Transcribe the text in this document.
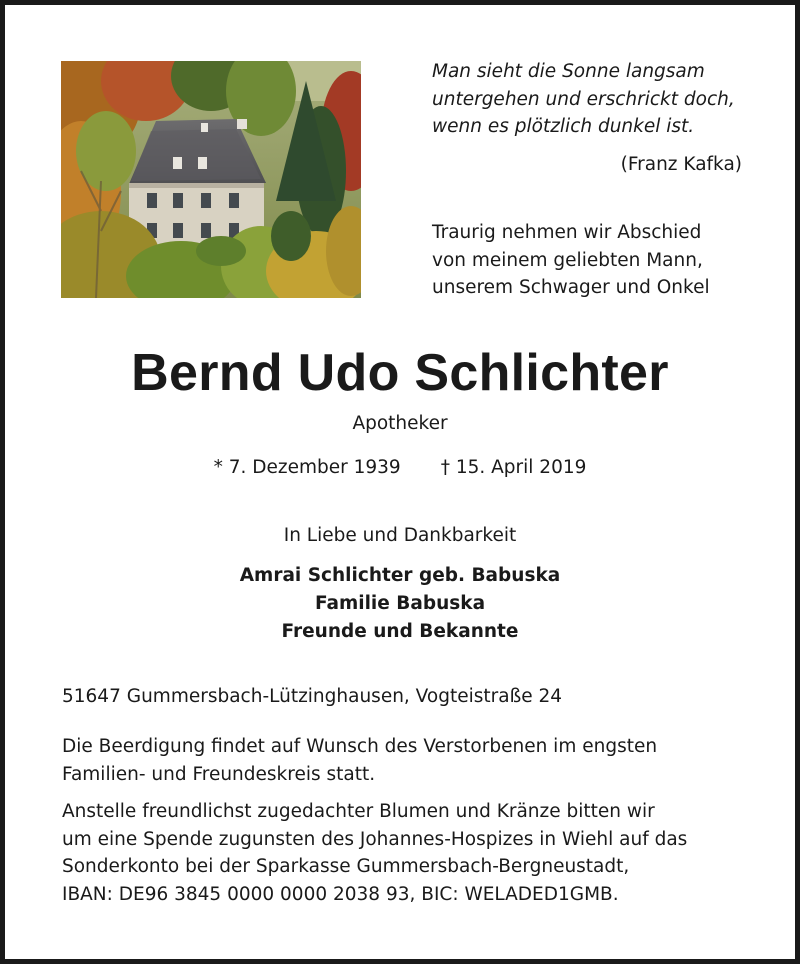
Man sieht die Sonne langsam

untergehen und erschrickt doch,

wenn es plötzlich dunkel ist.

(Franz Kafka)

Traurig nehmen wir Abschied

von meinem geliebten Mann,

unserem Schwager und Onkel

Bernd Udo Schlichter
Apotheker
* 7. Dezember 1939 † 15. April 2019
In Liebe und Dankbarkeit

Amrai Schlichter geb. Babuska

Familie Babuska

Freunde und Bekannte

51647 Gummersbach-Lützinghausen, Vogteistraße 24

Die Beerdigung findet auf Wunsch des Verstorbenen im engsten

Familien- und Freundeskreis statt.

Anstelle freundlichst zugedachter Blumen und Kränze bitten wir

um eine Spende zugunsten des Johannes-Hospizes in Wiehl auf das

Sonderkonto bei der Sparkasse Gummersbach-Bergneustadt,

IBAN: DE96 3845 0000 0000 2038 93, BIC: WELADED1GMB.
